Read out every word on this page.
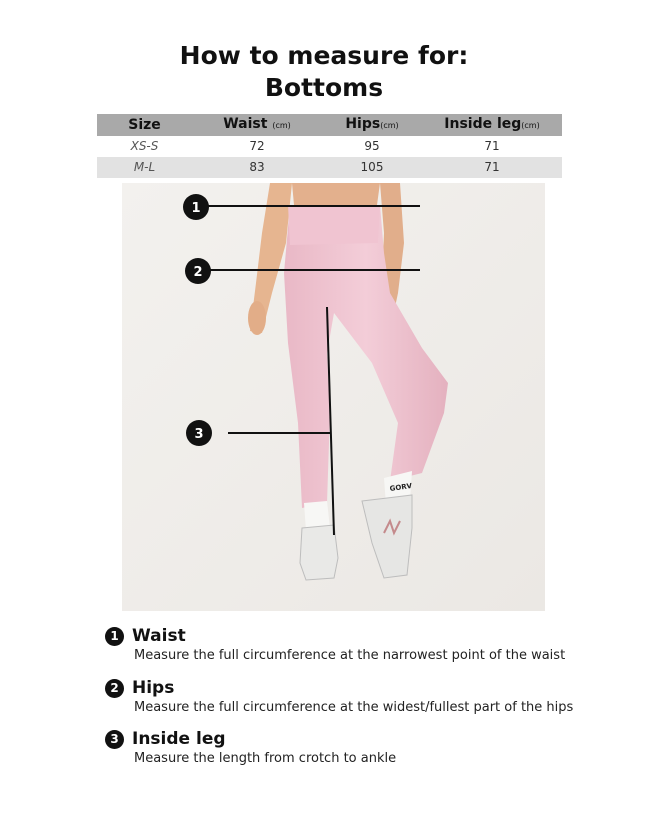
How to measure for:
Bottoms
Size	Waist (cm)	Hips(cm)	Inside leg(cm)
XS-S	72	95	71
M-L	83	105	71
GORV
1
2
3
1 Waist
Measure the full circumference at the narrowest point of the waist
2 Hips
Measure the full circumference at the widest/fullest part of the hips
3 Inside leg
Measure the length from crotch to ankle
